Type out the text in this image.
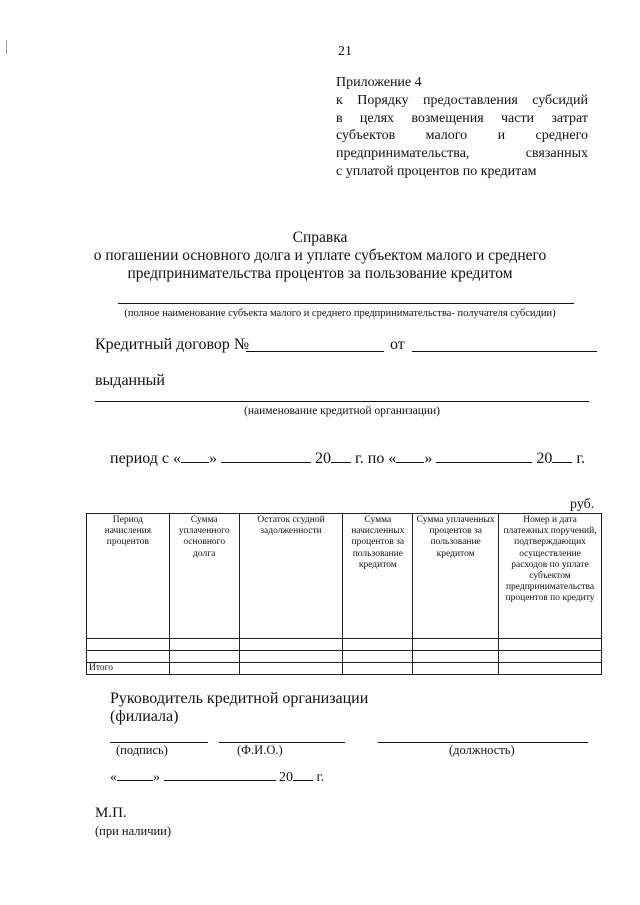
21
Приложение 4
к Порядку предоставления субсидий
в целях возмещения части затрат
субъектов малого и среднего
предпринимательства, связанных
с уплатой процентов по кредитам
Справка
о погашении основного долга и уплате субъектом малого и среднего
предпринимательства процентов за пользование кредитом
(полное наименование субъекта малого и среднего предпринимательства- получателя субсидии)
Кредитный договор №	от
выданный
(наименование кредитной организации)
период с « »	20 г. по « »	20 г.
руб.
Период начисления процентов	Сумма уплаченного основного долга	Остаток ссудной задолженности	Сумма начисленных процентов за пользование кредитом	Сумма уплаченных процентов за пользование кредитом	Номер и дата платежных поручений, подтверждающих осуществление расходов по уплате субъектом предпринимательства процентов по кредиту

Итого					
Руководитель кредитной организации
(филиала)
(подпись)	(Ф.И.О.)	(должность)
«	»	20 г.
М.П.
(при наличии)
